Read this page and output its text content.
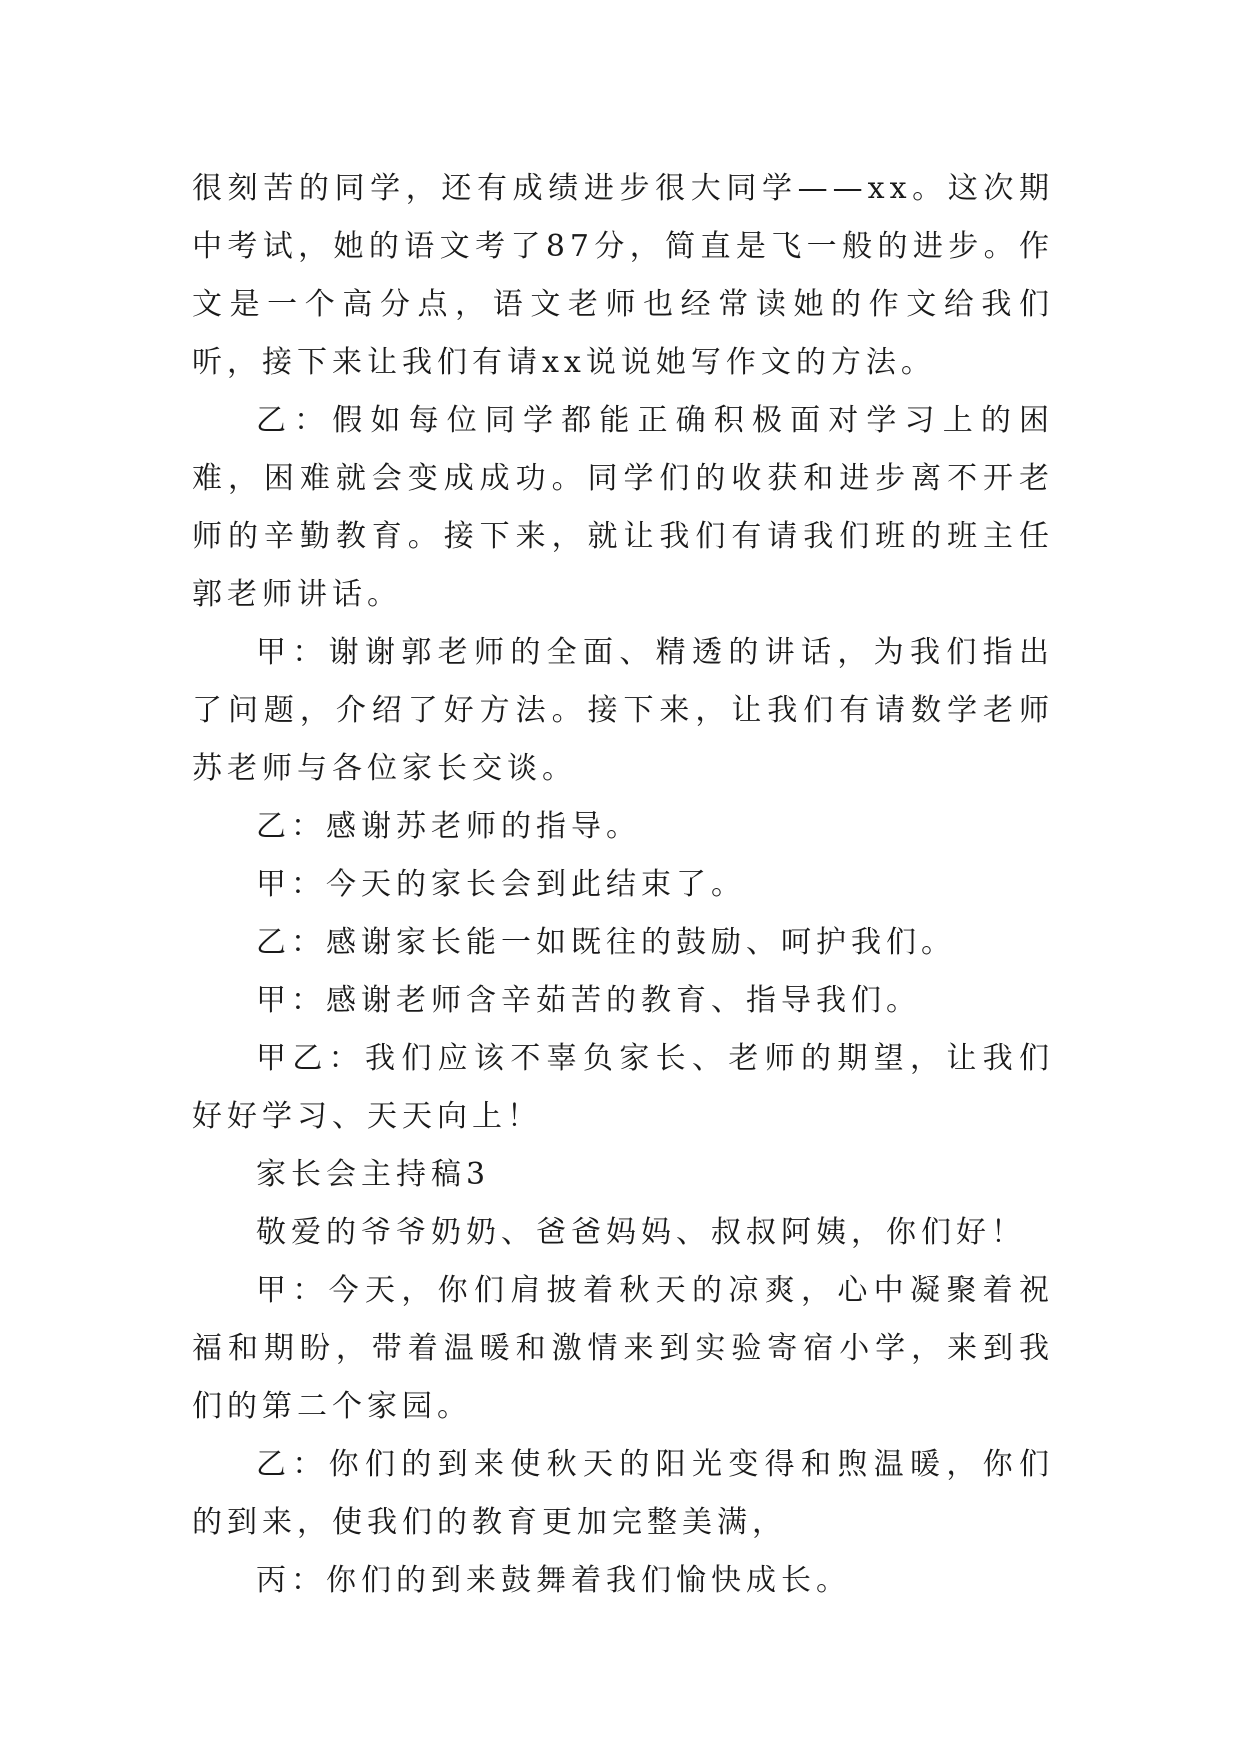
很刻苦的同学，还有成绩进步很大同学——xx。这次期中考试，她的语文考了87分，简直是飞一般的进步。作文是一个高分点，语文老师也经常读她的作文给我们听，接下来让我们有请xx说说她写作文的方法。

乙：假如每位同学都能正确积极面对学习上的困难，困难就会变成成功。同学们的收获和进步离不开老师的辛勤教育。接下来，就让我们有请我们班的班主任郭老师讲话。

甲：谢谢郭老师的全面、精透的讲话，为我们指出了问题，介绍了好方法。接下来，让我们有请数学老师苏老师与各位家长交谈。

乙：感谢苏老师的指导。

甲：今天的家长会到此结束了。

乙：感谢家长能一如既往的鼓励、呵护我们。

甲：感谢老师含辛茹苦的教育、指导我们。

甲乙：我们应该不辜负家长、老师的期望，让我们好好学习、天天向上！

家长会主持稿3

敬爱的爷爷奶奶、爸爸妈妈、叔叔阿姨，你们好！

甲：今天，你们肩披着秋天的凉爽，心中凝聚着祝福和期盼，带着温暖和激情来到实验寄宿小学，来到我们的第二个家园。

乙：你们的到来使秋天的阳光变得和煦温暖，你们的到来，使我们的教育更加完整美满，

丙：你们的到来鼓舞着我们愉快成长。
